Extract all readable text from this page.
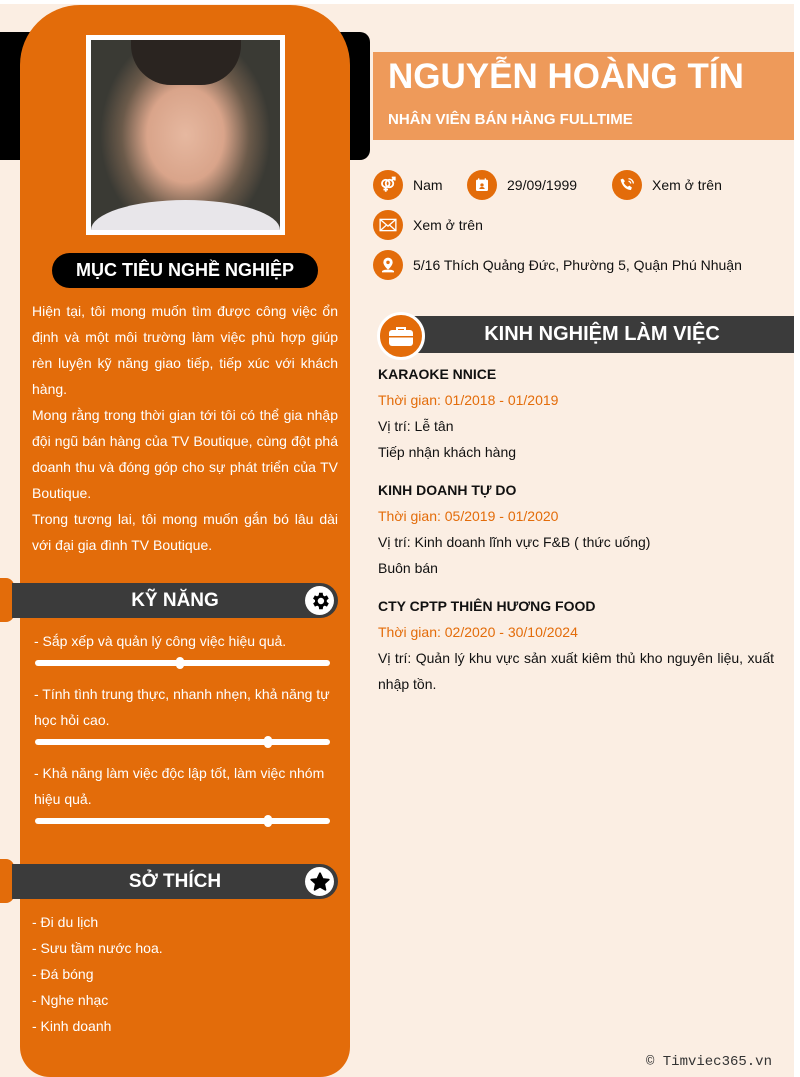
MỤC TIÊU NGHỀ NGHIỆP

Hiện tại, tôi mong muốn tìm được công việc ổn định và một môi trường làm việc phù hợp giúp rèn luyện kỹ năng giao tiếp, tiếp xúc với khách hàng.

Mong rằng trong thời gian tới tôi có thể gia nhập đội ngũ bán hàng của TV Boutique, cùng đột phá doanh thu và đóng góp cho sự phát triển của TV Boutique.

Trong tương lai, tôi mong muốn gắn bó lâu dài với đại gia đình TV Boutique.

KỸ NĂNG
- Sắp xếp và quản lý công việc hiệu quả.
- Tính tình trung thực, nhanh nhẹn, khả năng tự học hỏi cao.
- Khả năng làm việc độc lập tốt, làm việc nhóm hiệu quả.
SỞ THÍCH
- Đi du lịch
- Sưu tầm nước hoa.
- Đá bóng
- Nghe nhạc
- Kinh doanh
NGUYỄN HOÀNG TÍN
NHÂN VIÊN BÁN HÀNG FULLTIME
Nam	29/09/1999	Xem ở trên
Xem ở trên
5/16 Thích Quảng Đức, Phường 5, Quận Phú Nhuận
KINH NGHIỆM LÀM VIỆC
KARAOKE NNICE
Thời gian: 01/2018 - 01/2019
Vị trí: Lễ tân
Tiếp nhận khách hàng
KINH DOANH TỰ DO
Thời gian: 05/2019 - 01/2020
Vị trí: Kinh doanh lĩnh vực F&B ( thức uống)
Buôn bán
CTY CPTP THIÊN HƯƠNG FOOD
Thời gian: 02/2020 - 30/10/2024
Vị trí: Quản lý khu vực sản xuất kiêm thủ kho nguyên liệu, xuất nhập tồn.
© Timviec365.vn
